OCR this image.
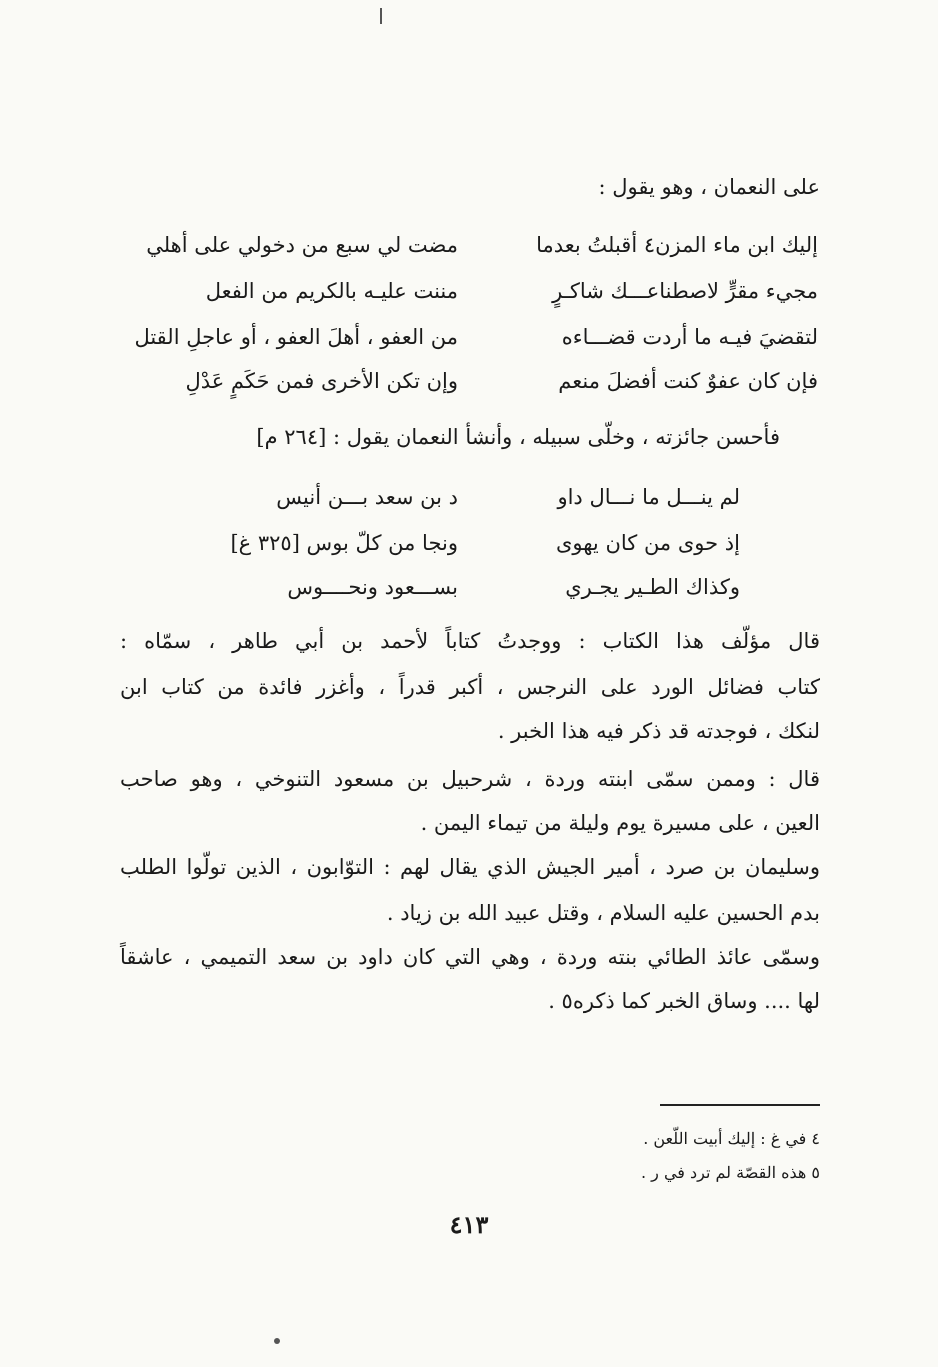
على النعمان ، وهو يقول :
إليك ابن ماء المزن٤ أقبلتُ بعدما
مضت لي سبع من دخولي على أهلي
مجيء مقرٍّ لاصطناعـــك شاكـرٍ
مننت عليـه بالكريم من الفعل
لتقضيَ فيـه ما أردت قضـــاءه
من العفو ، أهلَ العفو ، أو عاجلِ القتل
فإن كان عفوٌ كنت أفضلَ منعم
وإن تكن الأخرى فمن حَكَمٍ عَدْلِ
فأحسن جائزته ، وخلّى سبيله ، وأنشأ النعمان يقول : [٢٦٤ م]
لم ينـــل ما نـــال داو
د بن سعد بـــن أنيس
إذ حوى من كان يهوى
ونجا من كلّ بوس [٣٢٥ غ]
وكذاك الطـير يجـري
بســـعود ونحــــوس
قال مؤلّف هذا الكتاب : ووجدتُ كتاباً لأحمد بن أبي طاهر ، سمّاه :
كتاب فضائل الورد على النرجس ، أكبر قدراً ، وأغزر فائدة من كتاب ابن
لنكك ، فوجدته قد ذكر فيه هذا الخبر .
قال : وممن سمّى ابنته وردة ، شرحبيل بن مسعود التنوخي ، وهو صاحب
العين ، على مسيرة يوم وليلة من تيماء اليمن .
وسليمان بن صرد ، أمير الجيش الذي يقال لهم : التوّابون ، الذين تولّوا الطلب
بدم الحسين عليه السلام ، وقتل عبيد الله بن زياد .
وسمّى عائذ الطائي بنته وردة ، وهي التي كان داود بن سعد التميمي ، عاشقاً
لها .... وساق الخبر كما ذكره٥ .
٤ في غ : إليك أبيت اللّعن .
٥ هذه القصّة لم ترد في ر .
٤١٣
